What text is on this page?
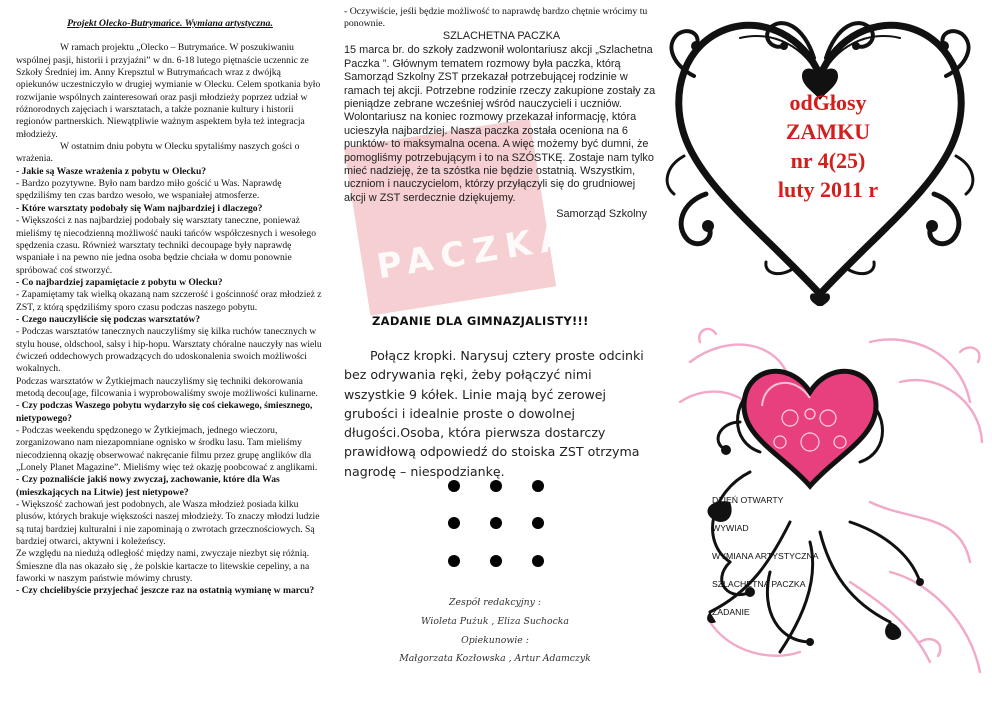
Projekt Olecko-Butrymańce. Wymiana artystyczna.

W ramach projektu „Olecko – Butrymańce. W poszukiwaniu wspólnej pasji, historii i przyjaźni” w dn. 6-18 lutego piętnaście uczennic ze Szkoły Średniej im. Anny Krepsztul w Butrymańcach wraz z dwójką opiekunów uczestniczyło w drugiej wymianie w Olecku. Celem spotkania było rozwijanie wspólnych zainteresowań oraz pasji młodzieży poprzez udział w różnorodnych zajęciach i warsztatach, a także poznanie kultury i historii regionów partnerskich. Niewątpliwie ważnym aspektem była też integracja młodzieży.

W ostatnim dniu pobytu w Olecku spytaliśmy naszych gości o wrażenia.

- Jakie są Wasze wrażenia z pobytu w Olecku?

- Bardzo pozytywne. Było nam bardzo miło gościć u Was. Naprawdę spędziliśmy ten czas bardzo wesoło, we wspaniałej atmosferze.

- Które warsztaty podobały się Wam najbardziej i dlaczego?

- Większości z nas najbardziej podobały się warsztaty taneczne, ponieważ mieliśmy tę niecodzienną możliwość nauki tańców współczesnych i wesołego spędzenia czasu. Również warsztaty techniki decoupage były naprawdę wspaniałe i na pewno nie jedna osoba będzie chciała w domu ponownie spróbować coś stworzyć.

- Co najbardziej zapamiętacie z pobytu w Olecku?

- Zapamiętamy tak wielką okazaną nam szczerość i gościnność oraz młodzież z ZST, z którą spędziliśmy sporo czasu podczas naszego pobytu.

- Czego nauczyliście się podczas warsztatów?

- Podczas warsztatów tanecznych nauczyliśmy się kilka ruchów tanecznych w stylu house, oldschool, salsy i hip-hopu. Warsztaty chóralne nauczyły nas wielu ćwiczeń oddechowych prowadzących do udoskonalenia swoich możliwości wokalnych.

Podczas warsztatów w Żytkiejmach nauczyliśmy się techniki dekorowania metodą decou[age, filcowania i wyprobowaliśmy swoje możliwości kulinarne.

- Czy podczas Waszego pobytu wydarzyło się coś ciekawego, śmiesznego, nietypowego?

- Podczas weekendu spędzonego w Żytkiejmach, jednego wieczoru, zorganizowano nam niezapomniane ognisko w środku lasu. Tam mieliśmy niecodzienną okazję obserwować nakręcanie filmu przez grupę anglików dla „Lonely Planet Magazine”. Mieliśmy więc też okazję poobcować z anglikami.

- Czy poznaliście jakiś nowy zwyczaj, zachowanie, które dla Was (mieszkających na Litwie) jest nietypowe?

- Większość zachowań jest podobnych, ale Wasza młodzież posiada kilku plusów, których brakuje większości naszej młodzieży. To znaczy młodzi ludzie są tutaj bardziej kulturalni i nie zapominają o zwrotach grzecznościowych. Są bardziej otwarci, aktywni i koleżeńscy.

Ze względu na niedużą odległość między nami, zwyczaje niezbyt się różnią. Śmieszne dla nas okazało się , że polskie kartacze to litewskie cepeliny, a na faworki w naszym państwie mówimy chrusty.

- Czy chcielibyście przyjechać jeszcze raz na ostatnią wymianę w marcu?

- Oczywiście, jeśli będzie możliwość to naprawdę bardzo chętnie wrócimy tu ponownie.

PACZKA

SZLACHETNA PACZKA

15 marca br. do szkoły zadzwonił wolontariusz akcji „Szlachetna Paczka ”. Głównym tematem rozmowy była paczka, którą Samorząd Szkolny ZST przekazał potrzebującej rodzinie w ramach tej akcji. Potrzebne rodzinie rzeczy zakupione zostały za pieniądze zebrane wcześniej wśród nauczycieli i uczniów. Wolontariusz na koniec rozmowy przekazał informację, która ucieszyła najbardziej. Nasza paczka została oceniona na 6 punktów- to maksymalna ocena. A więc możemy być dumni, że pomogliśmy potrzebującym i to na SZÓSTKĘ. Zostaje nam tylko mieć nadzieję, że ta szóstka nie będzie ostatnią. Wszystkim, uczniom i nauczycielom, którzy przyłączyli się do grudniowej akcji w ZST serdecznie dziękujemy.

Samorząd Szkolny

ZADANIE DLA GIMNAZJALISTY!!!

Połącz kropki. Narysuj cztery proste odcinki bez odrywania ręki, żeby połączyć nimi wszystkie 9 kółek. Linie mają być zerowej grubości i idealnie proste o dowolnej długości.Osoba, która pierwsza dostarczy prawidłową odpowiedź do stoiska ZST otrzyma nagrodę – niespodziankę.

Zespół redakcyjny :

Wioleta Pużuk , Eliza Suchocka

Opiekunowie :

Małgorzata Kozłowska , Artur Adamczyk

odGłosy

ZAMKU

nr 4(25)

luty 2011 r

DZIEŃ OTWARTY
WYWIAD
WYMIANA ARTYSTYCZNA
SZLACHETNA PACZKA
ZADANIE
